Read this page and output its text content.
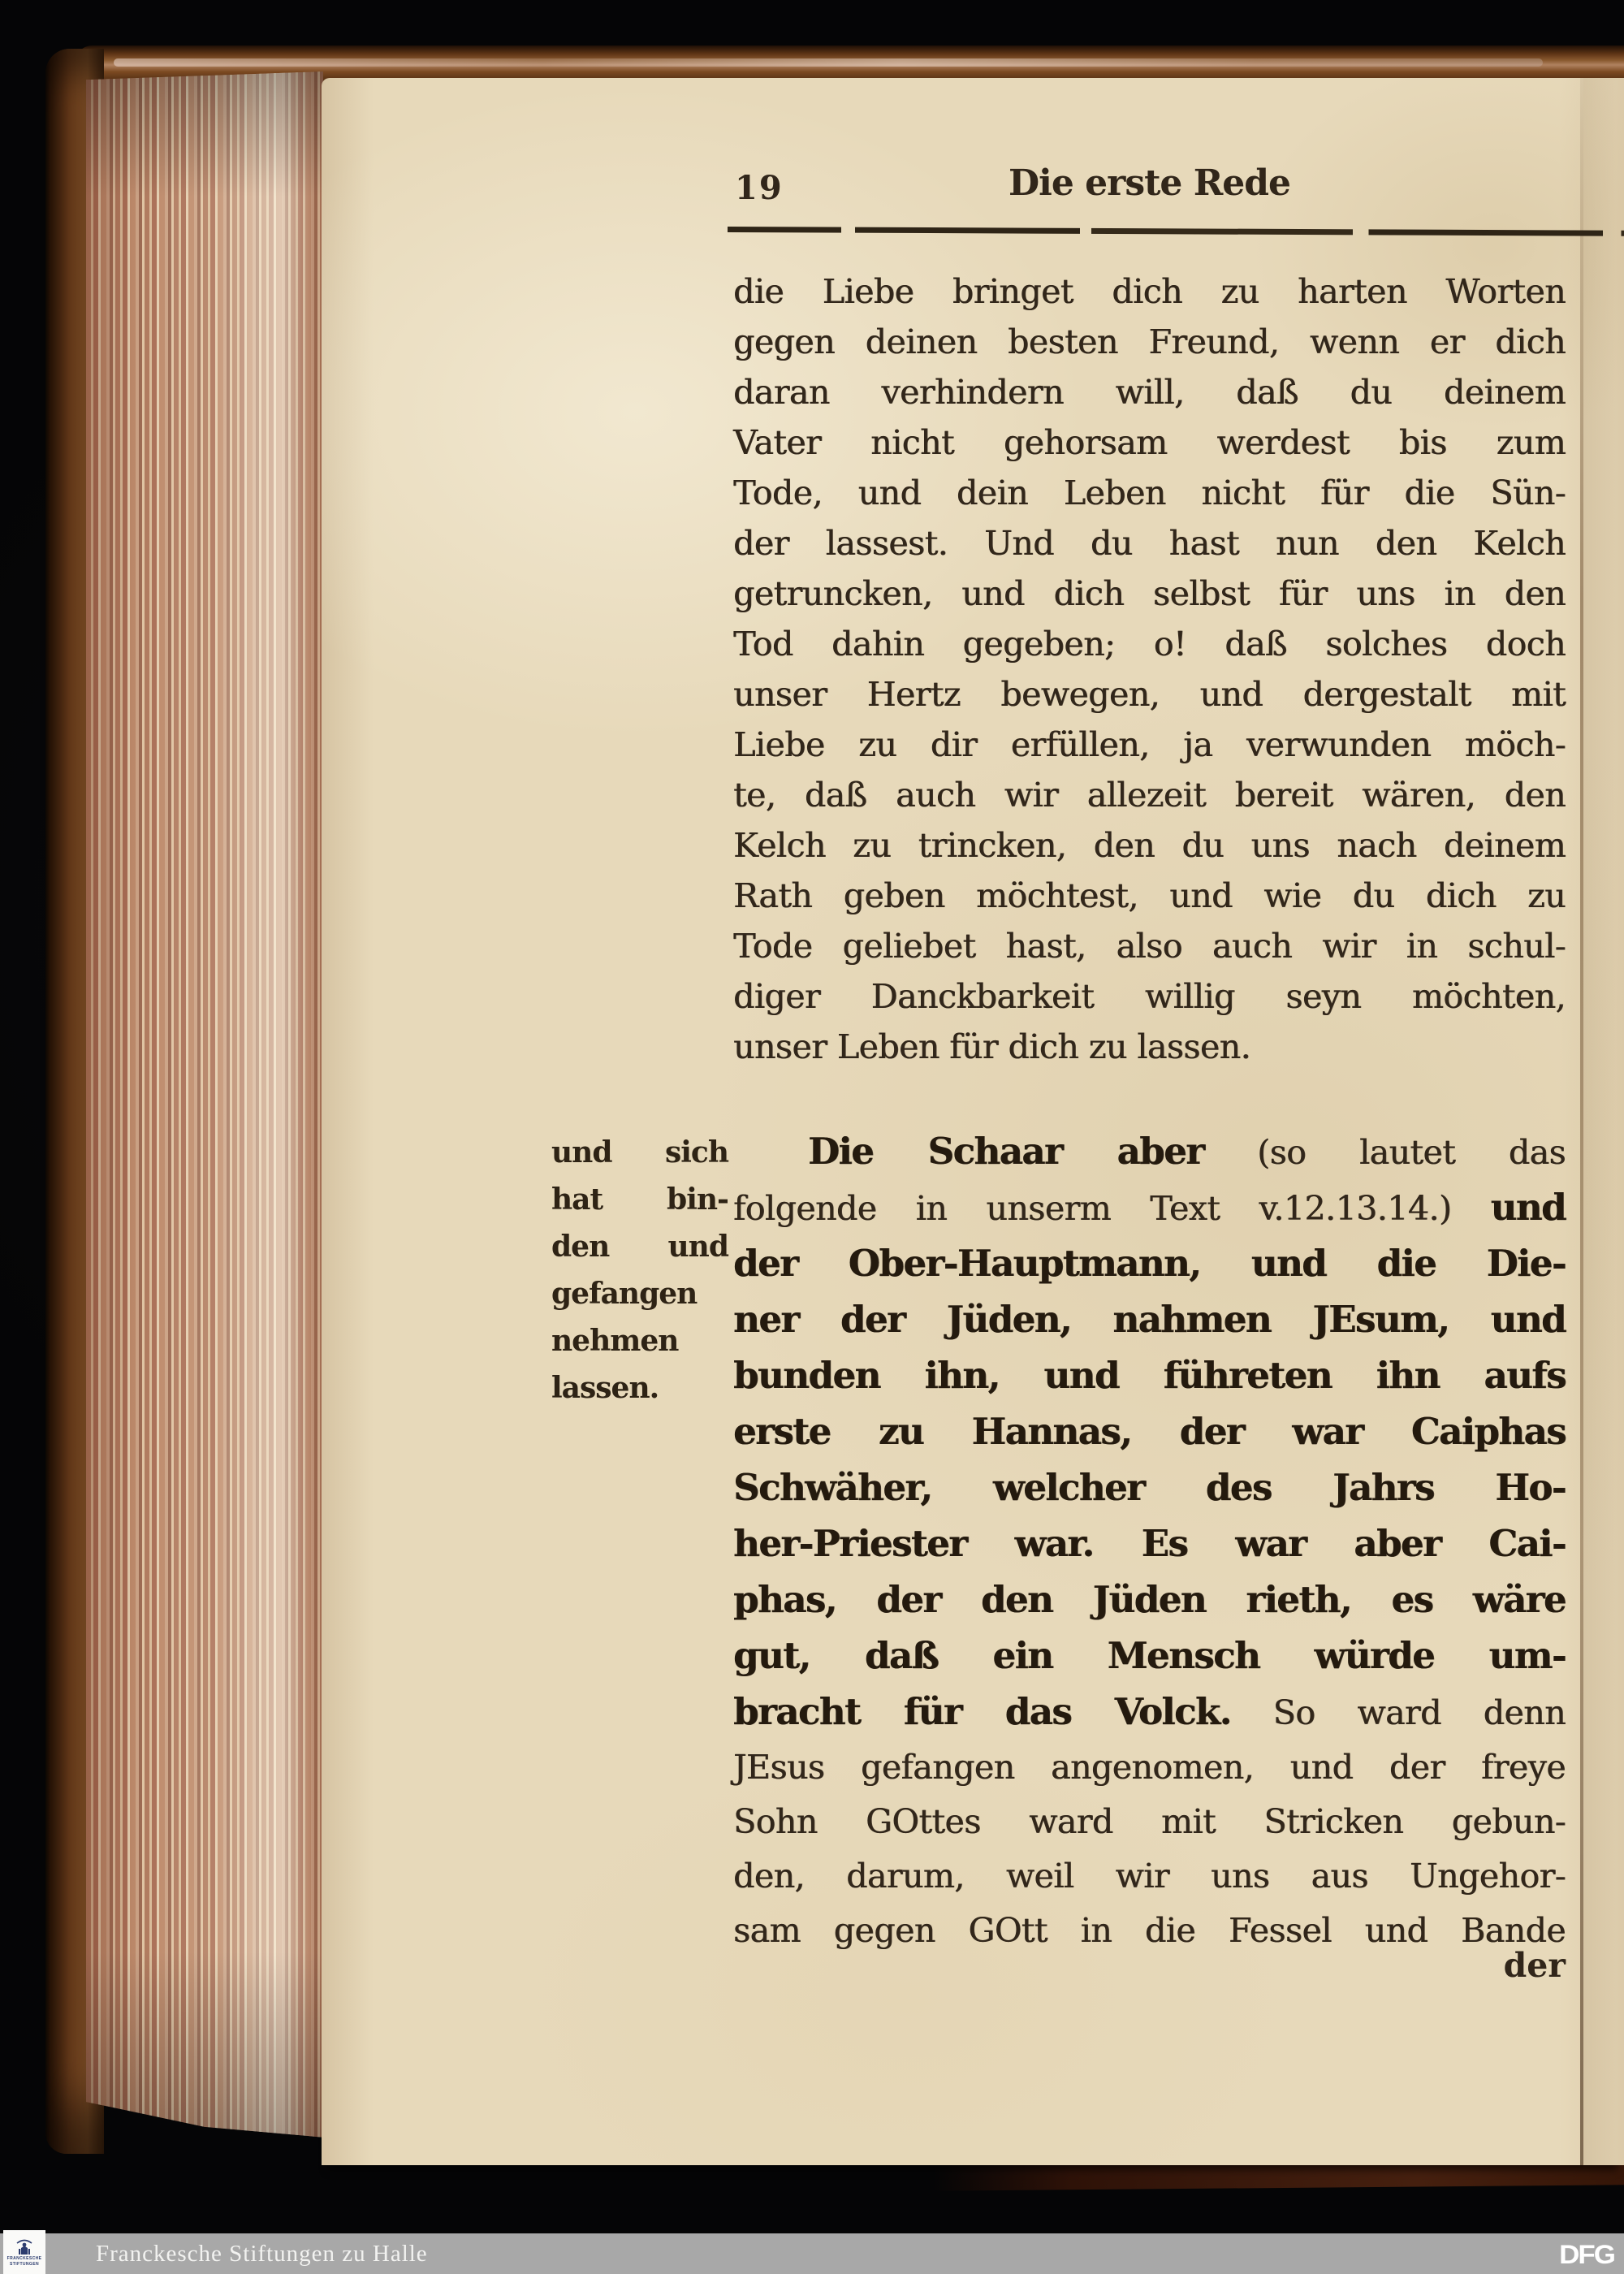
19	Die erste Rede
die Liebe bringet dich zu harten Worten
gegen deinen besten Freund, wenn er dich
daran verhindern will, daß du deinem
Vater nicht gehorsam werdest bis zum
Tode, und dein Leben nicht für die Sün-
der lassest. Und du hast nun den Kelch
getruncken, und dich selbst für uns in den
Tod dahin gegeben; o! daß solches doch
unser Hertz bewegen, und dergestalt mit
Liebe zu dir erfüllen, ja verwunden möch-
te, daß auch wir allezeit bereit wären, den
Kelch zu trincken, den du uns nach deinem
Rath geben möchtest, und wie du dich zu
Tode geliebet hast, also auch wir in schul-
diger Danckbarkeit willig seyn möchten,
unser Leben für dich zu lassen.
und sich
hat bin-
den und
gefangen
nehmen
lassen.
Die Schaar aber (so lautet das
folgende in unserm Text v.12.13.14.) und
der Ober-Hauptmann, und die Die-
ner der Jüden, nahmen JEsum, und
bunden ihn, und führeten ihn aufs
erste zu Hannas, der war Caiphas
Schwäher, welcher des Jahrs Ho-
her-Priester war. Es war aber Cai-
phas, der den Jüden rieth, es wäre
gut, daß ein Mensch würde um-
bracht für das Volck. So ward denn
JEsus gefangen angenomen, und der freye
Sohn GOttes ward mit Stricken gebun-
den, darum, weil wir uns aus Ungehor-
sam gegen GOtt in die Fessel und Bande
der
FRANCKESCHE
STIFTUNGEN Franckesche Stiftungen zu Halle	DFG
